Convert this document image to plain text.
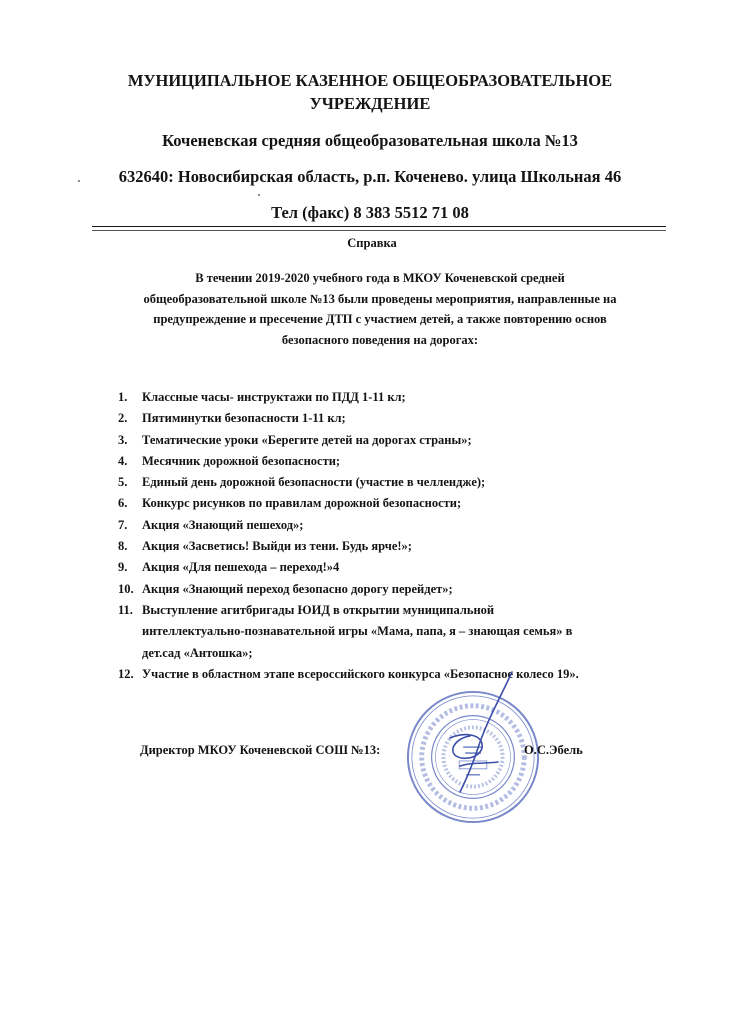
МУНИЦИПАЛЬНОЕ КАЗЕННОЕ ОБЩЕОБРАЗОВАТЕЛЬНОЕ
УЧРЕЖДЕНИЕ
Коченевская средняя общеобразовательная школа №13
632640: Новосибирская область, р.п. Коченево. улица Школьная 46
Тел (факс) 8 383 5512 71 08
Справка
В течении 2019-2020 учебного года в МКОУ Коченевской средней
общеобразовательной школе №13 были проведены мероприятия, направленные на
предупреждение и пресечение ДТП с участием детей, а также повторению основ
безопасного поведения на дорогах:
1. Классные часы- инструктажи по ПДД 1-11 кл;
2. Пятиминутки безопасности 1-11 кл;
3. Тематические уроки «Берегите детей на дорогах страны»;
4. Месячник дорожной безопасности;
5. Единый день дорожной безопасности (участие в челлендже);
6. Конкурс рисунков по правилам дорожной безопасности;
7. Акция «Знающий пешеход»;
8. Акция «Засветись! Выйди из тени. Будь ярче!»;
9. Акция «Для пешехода – переход!»4
10. Акция «Знающий переход безопасно дорогу перейдет»;
11. Выступление агитбригады ЮИД в открытии муниципальной
интеллектуально-познавательной игры «Мама, папа, я – знающая семья» в
дет.сад «Антошка»;
12. Участие в областном этапе всероссийского конкурса «Безопасное колесо 19».
Директор МКОУ Коченевской СОШ №13:	О.С.Эбель
